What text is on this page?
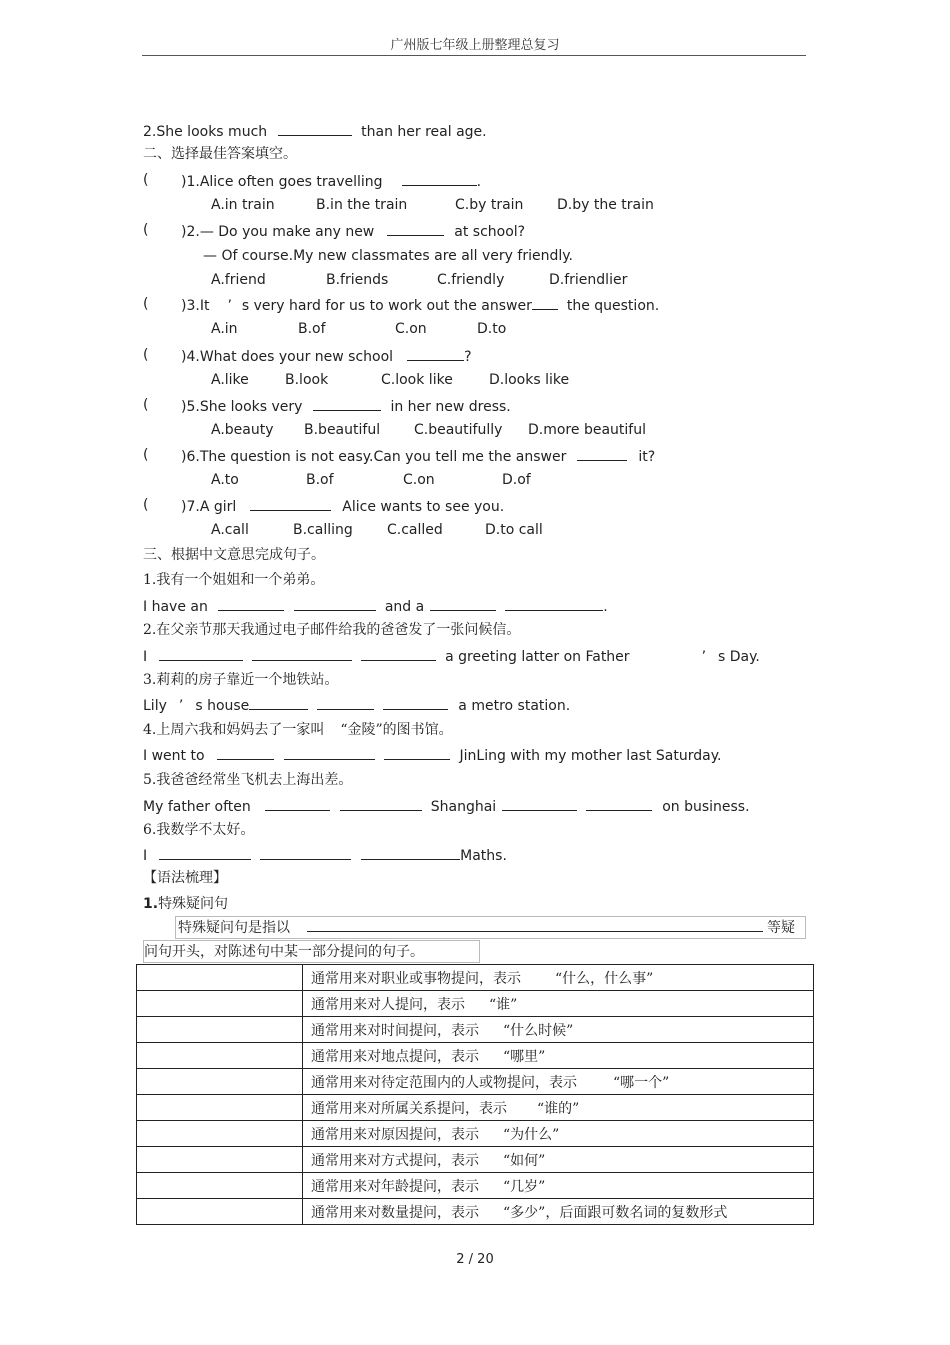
广州版七年级上册整理总复习
2.She looks much	than her real age.
二、选择最佳答案填空。
( )1.Alice often goes travelling	.
A.in train	B.in the train	C.by train D.by the train
( )2.— Do you make any new	at school?
— Of course.My new classmates are all very friendly.
A.friend	B.friends	C.friendly	D.friendlier
( )3.It ’ s very hard for us to work out the answer	the question.
A.in	B.of	C.on	D.to
( )4.What does your new school	?
A.like	B.look	C.look like	D.looks like
( )5.She looks very	in her new dress.
A.beauty B.beautiful C.beautifully D.more beautiful
( )6.The question is not easy.Can you tell me the answer	it?
A.to	B.of	C.on	D.of
( )7.A girl	Alice wants to see you.
A.call	B.calling C.called	D.to call
三、根据中文意思完成句子。
1.我有一个姐姐和一个弟弟。
I have an	and a	.
2.在父亲节那天我通过电子邮件给我的爸爸发了一张问候信。
I	a greeting latter on Father	’ s Day.
3.莉莉的房子靠近一个地铁站。
Lily ’ s house	a metro station.
4.上周六我和妈妈去了一家叫 “金陵”的图书馆。
I went to	JinLing with my mother last Saturday.
5.我爸爸经常坐飞机去上海出差。
My father often	Shanghai	on business.
6.我数学不太好。
I	Maths.
【语法梳理】
1.特殊疑问句
特殊疑问句是指以	等疑
问句开头，对陈述句中某一部分提问的句子。
	通常用来对职业或事物提问，表示 “什么，什么事”
	通常用来对人提问，表示 “谁”
	通常用来对时间提问，表示 “什么时候”
	通常用来对地点提问，表示 “哪里”
	通常用来对待定范围内的人或物提问，表示 “哪一个”
	通常用来对所属关系提问，表示 “谁的”
	通常用来对原因提问，表示 “为什么”
	通常用来对方式提问，表示 “如何”
	通常用来对年龄提问，表示 “几岁”
	通常用来对数量提问，表示 “多少”，后面跟可数名词的复数形式
2 / 20
